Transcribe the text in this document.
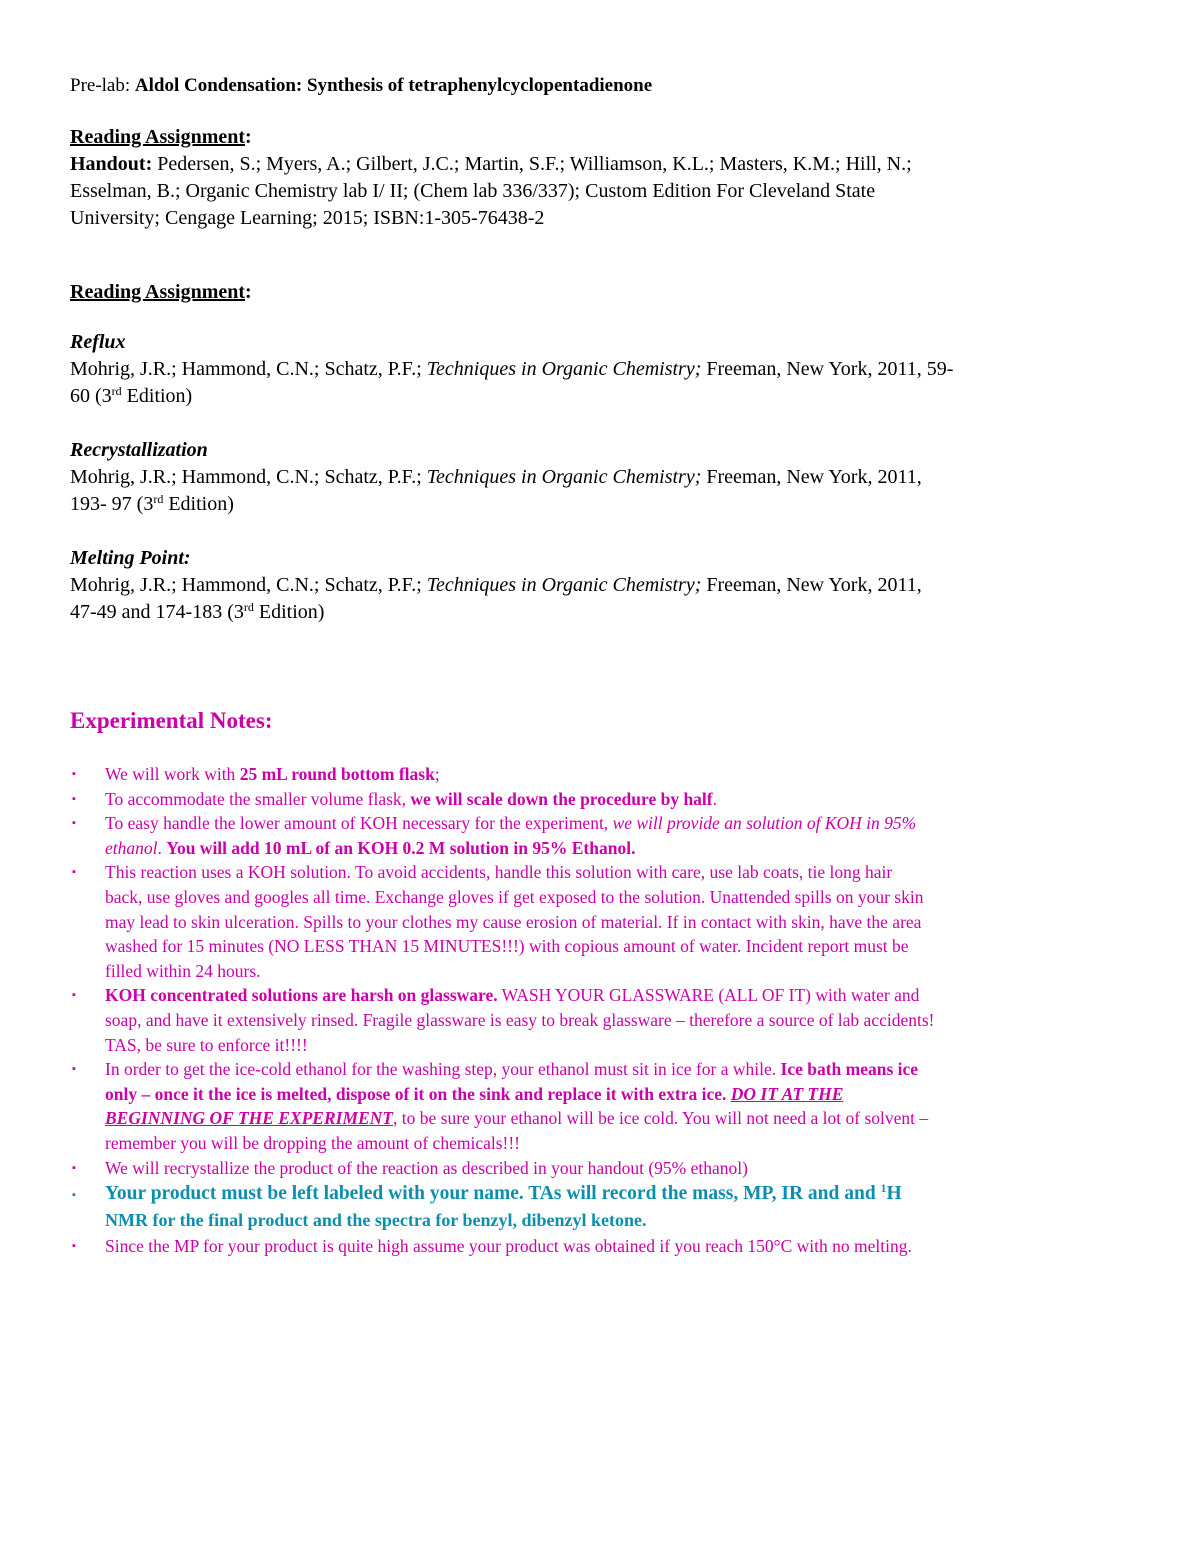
Pre-lab: Aldol Condensation: Synthesis of tetraphenylcyclopentadienone
Reading Assignment:
Handout: Pedersen, S.; Myers, A.; Gilbert, J.C.; Martin, S.F.; Williamson, K.L.; Masters, K.M.; Hill, N.;
Esselman, B.; Organic Chemistry lab I/ II; (Chem lab 336/337); Custom Edition For Cleveland State
University; Cengage Learning; 2015; ISBN:1-305-76438-2
Reading Assignment:
Reflux
Mohrig, J.R.; Hammond, C.N.; Schatz, P.F.; Techniques in Organic Chemistry; Freeman, New York, 2011, 59-
60 (3rd Edition)
Recrystallization
Mohrig, J.R.; Hammond, C.N.; Schatz, P.F.; Techniques in Organic Chemistry; Freeman, New York, 2011,
193- 97 (3rd Edition)
Melting Point:
Mohrig, J.R.; Hammond, C.N.; Schatz, P.F.; Techniques in Organic Chemistry; Freeman, New York, 2011,
47-49 and 174-183 (3rd Edition)
Experimental Notes:
▪ We will work with 25 mL round bottom flask;
▪ To accommodate the smaller volume flask, we will scale down the procedure by half.
▪ To easy handle the lower amount of KOH necessary for the experiment, we will provide an solution of KOH in 95%
ethanol. You will add 10 mL of an KOH 0.2 M solution in 95% Ethanol.
▪ This reaction uses a KOH solution. To avoid accidents, handle this solution with care, use lab coats, tie long hair
back, use gloves and googles all time. Exchange gloves if get exposed to the solution. Unattended spills on your skin
may lead to skin ulceration. Spills to your clothes my cause erosion of material. If in contact with skin, have the area
washed for 15 minutes (NO LESS THAN 15 MINUTES!!!) with copious amount of water. Incident report must be
filled within 24 hours.
▪ KOH concentrated solutions are harsh on glassware. WASH YOUR GLASSWARE (ALL OF IT) with water and
soap, and have it extensively rinsed. Fragile glassware is easy to break glassware – therefore a source of lab accidents!
TAS, be sure to enforce it!!!!
▪ In order to get the ice-cold ethanol for the washing step, your ethanol must sit in ice for a while. Ice bath means ice
only – once it the ice is melted, dispose of it on the sink and replace it with extra ice. DO IT AT THE
BEGINNING OF THE EXPERIMENT, to be sure your ethanol will be ice cold. You will not need a lot of solvent –
remember you will be dropping the amount of chemicals!!!
▪ We will recrystallize the product of the reaction as described in your handout (95% ethanol)
▪ Your product must be left labeled with your name. TAs will record the mass, MP, IR and and $^1$H
NMR for the final product and the spectra for benzyl, dibenzyl ketone.
▪ Since the MP for your product is quite high assume your product was obtained if you reach 150°C with no melting.
